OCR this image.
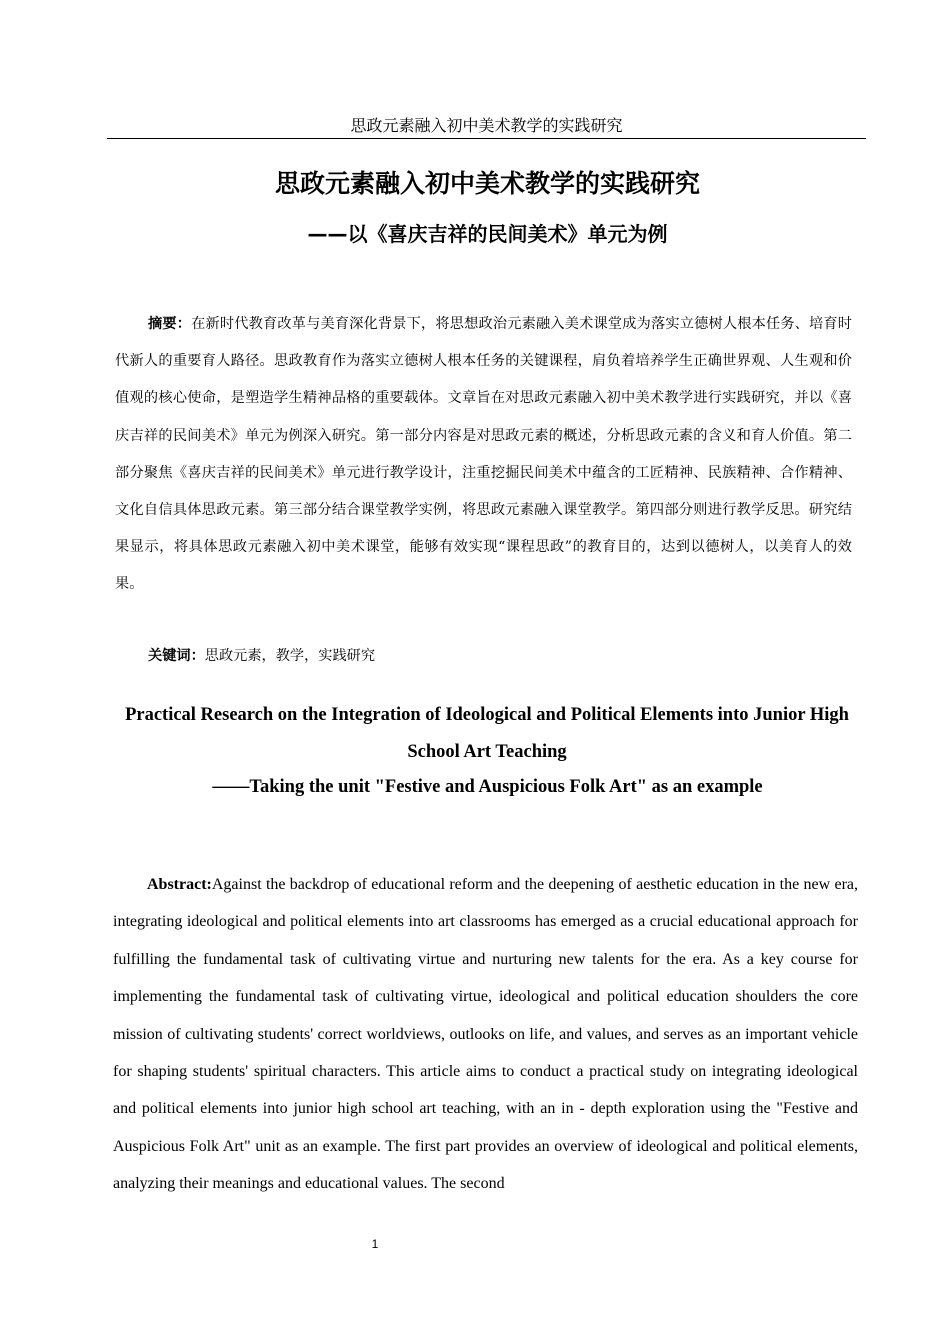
思政元素融入初中美术教学的实践研究
思政元素融入初中美术教学的实践研究
——以《喜庆吉祥的民间美术》单元为例

摘要：在新时代教育改革与美育深化背景下，将思想政治元素融入美术课堂成为落实立德树人根本任务、培育时代新人的重要育人路径。思政教育作为落实立德树人根本任务的关键课程，肩负着培养学生正确世界观、人生观和价值观的核心使命，是塑造学生精神品格的重要载体。文章旨在对思政元素融入初中美术教学进行实践研究，并以《喜庆吉祥的民间美术》单元为例深入研究。第一部分内容是对思政元素的概述，分析思政元素的含义和育人价值。第二部分聚焦《喜庆吉祥的民间美术》单元进行教学设计，注重挖掘民间美术中蕴含的工匠精神、民族精神、合作精神、文化自信具体思政元素。第三部分结合课堂教学实例，将思政元素融入课堂教学。第四部分则进行教学反思。研究结果显示，将具体思政元素融入初中美术课堂，能够有效实现“课程思政”的教育目的，达到以德树人，以美育人的效果。

关键词：思政元素，教学，实践研究

Practical Research on the Integration of Ideological and Political Elements into Junior High School Art Teaching

——Taking the unit "Festive and Auspicious Folk Art" as an example

Abstract:Against the backdrop of educational reform and the deepening of aesthetic education in the new era, integrating ideological and political elements into art classrooms has emerged as a crucial educational approach for fulfilling the fundamental task of cultivating virtue and nurturing new talents for the era. As a key course for implementing the fundamental task of cultivating virtue, ideological and political education shoulders the core mission of cultivating students' correct worldviews, outlooks on life, and values, and serves as an important vehicle for shaping students' spiritual characters. This article aims to conduct a practical study on integrating ideological and political elements into junior high school art teaching, with an in - depth exploration using the "Festive and Auspicious Folk Art" unit as an example. The first part provides an overview of ideological and political elements, analyzing their meanings and educational values. The second

1
